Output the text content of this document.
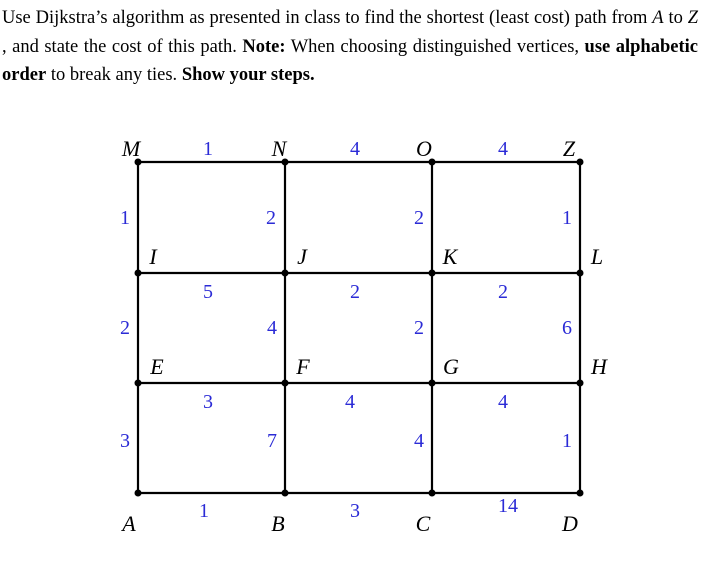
Use Dijkstra’s algorithm as presented in class to find the shortest (least cost) path from A to Z , and state the cost of this path. Note: When choosing distinguished vertices, use alphabetic order to break any ties. Show your steps.
M	N	O	Z
I	J	K	L
E	F	G	H
A	B	C	D
1	4	4
1	2	2	1
5	2	2
2	4	2	6
3	4	4
3	7	4	1
1	3	14
